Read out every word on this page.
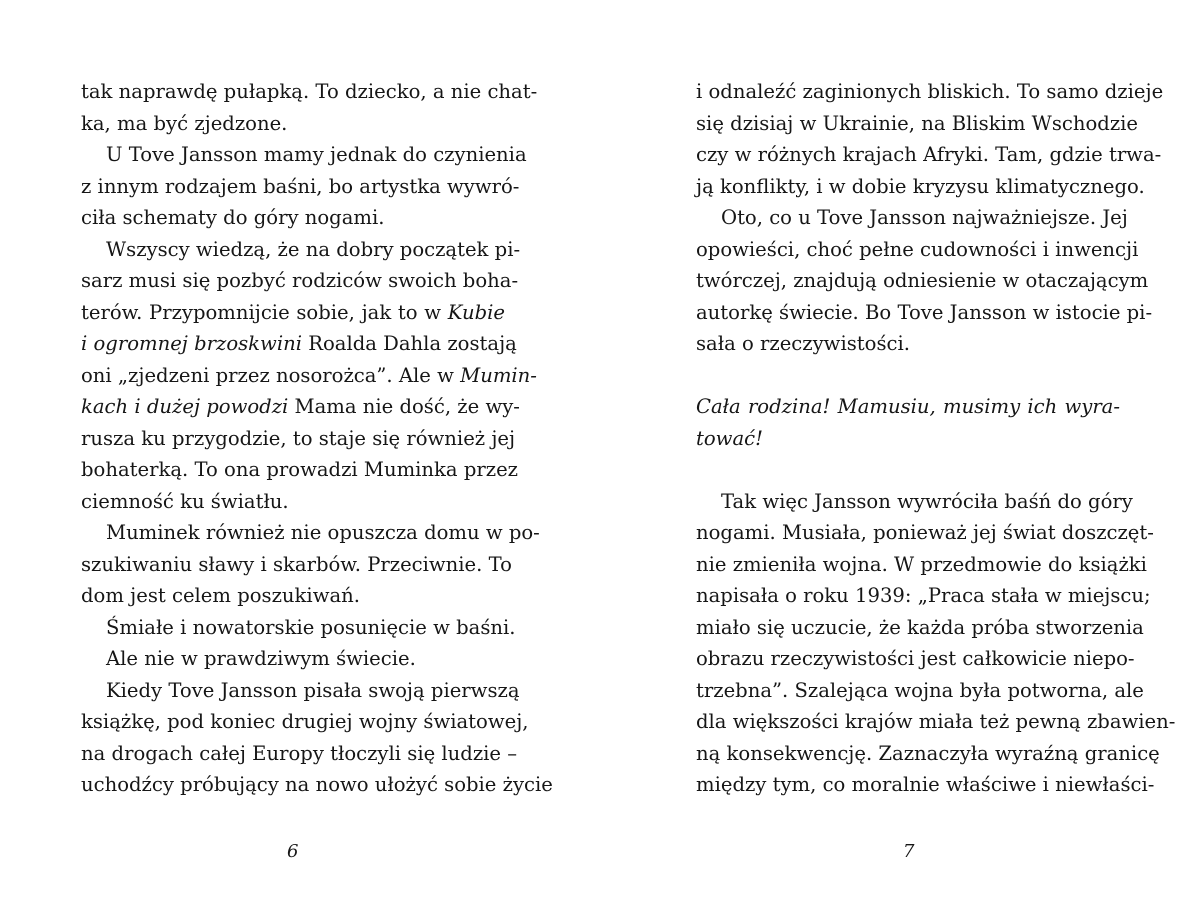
tak naprawdę pułapką. To dziecko, a nie chat-
ka, ma być zjedzone.
U Tove Jansson mamy jednak do czynienia
z innym rodzajem baśni, bo artystka wywró-
ciła schematy do góry nogami.
Wszyscy wiedzą, że na dobry początek pi-
sarz musi się pozbyć rodziców swoich boha-
terów. Przypomnijcie sobie, jak to w Kubie
i ogromnej brzoskwini Roalda Dahla zostają
oni „zjedzeni przez nosorożca”. Ale w Mumin-
kach i dużej powodzi Mama nie dość, że wy-
rusza ku przygodzie, to staje się również jej
bohaterką. To ona prowadzi Muminka przez
ciemność ku światłu.
Muminek również nie opuszcza domu w po-
szukiwaniu sławy i skarbów. Przeciwnie. To
dom jest celem poszukiwań.
Śmiałe i nowatorskie posunięcie w baśni.
Ale nie w prawdziwym świecie.
Kiedy Tove Jansson pisała swoją pierwszą
książkę, pod koniec drugiej wojny światowej,
na drogach całej Europy tłoczyli się ludzie –
uchodźcy próbujący na nowo ułożyć sobie życie
6
i odnaleźć zaginionych bliskich. To samo dzieje
się dzisiaj w Ukrainie, na Bliskim Wschodzie
czy w różnych krajach Afryki. Tam, gdzie trwa-
ją konflikty, i w dobie kryzysu klimatycznego.
Oto, co u Tove Jansson najważniejsze. Jej
opowieści, choć pełne cudowności i inwencji
twórczej, znajdują odniesienie w otaczającym
autorkę świecie. Bo Tove Jansson w istocie pi-
sała o rzeczywistości.
Cała rodzina! Mamusiu, musimy ich wyra-
tować!
Tak więc Jansson wywróciła baśń do góry
nogami. Musiała, ponieważ jej świat doszczęt-
nie zmieniła wojna. W przedmowie do książki
napisała o roku 1939: „Praca stała w miejscu;
miało się uczucie, że każda próba stworzenia
obrazu rzeczywistości jest całkowicie niepo-
trzebna”. Szalejąca wojna była potworna, ale
dla większości krajów miała też pewną zbawien-
ną konsekwencję. Zaznaczyła wyraźną granicę
między tym, co moralnie właściwe i niewłaści-
7
